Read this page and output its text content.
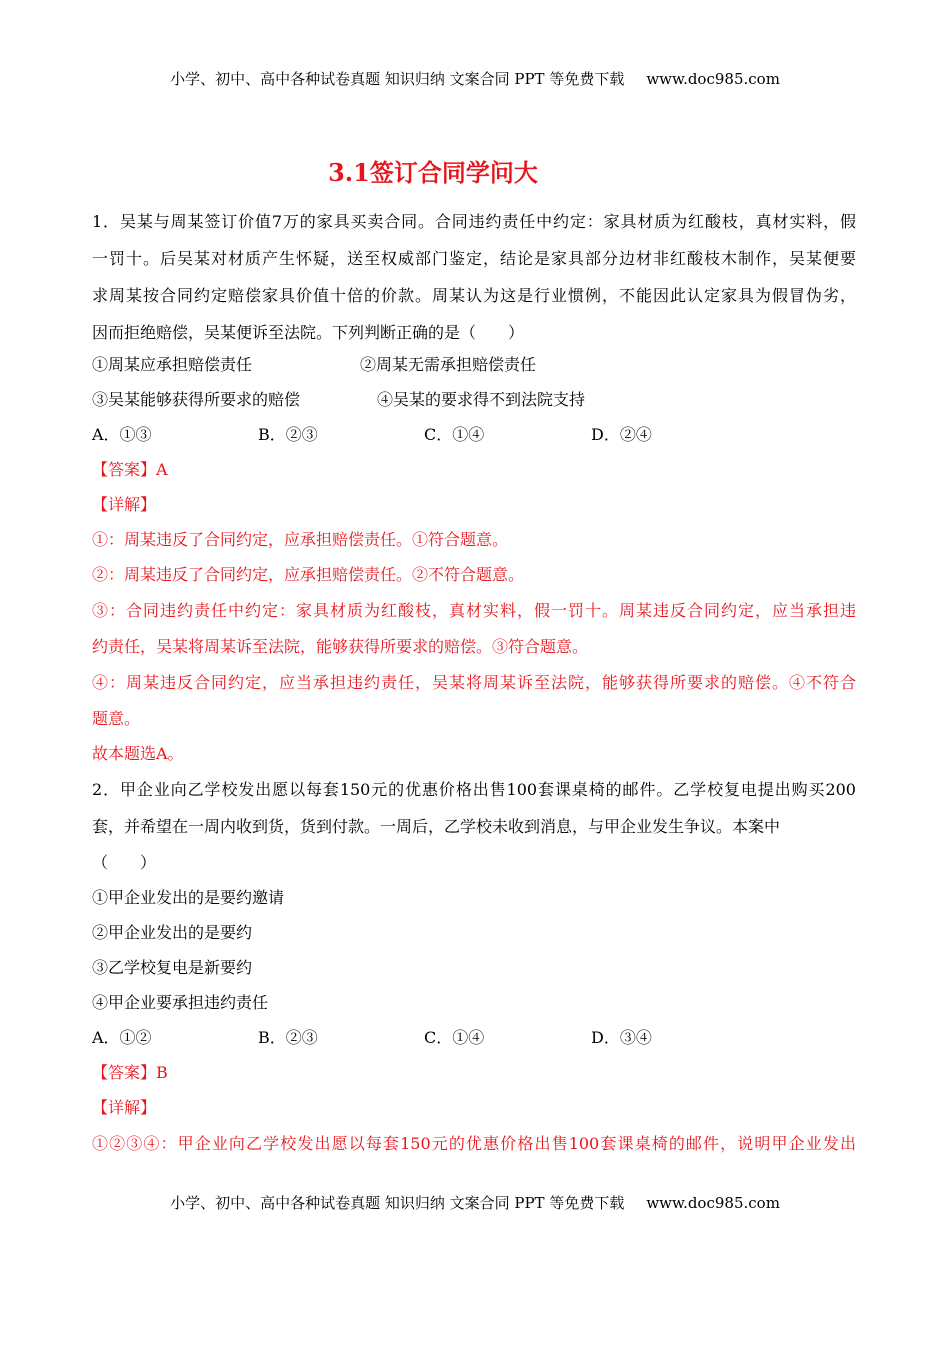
小学、初中、高中各种试卷真题 知识归纳 文案合同 PPT 等免费下载 www.doc985.com
3.1签订合同学问大
1．吴某与周某签订价值7万的家具买卖合同。合同违约责任中约定：家具材质为红酸枝，真材实料，假
一罚十。后吴某对材质产生怀疑，送至权威部门鉴定，结论是家具部分边材非红酸枝木制作，吴某便要
求周某按合同约定赔偿家具价值十倍的价款。周某认为这是行业惯例，不能因此认定家具为假冒伪劣，
因而拒绝赔偿，吴某便诉至法院。下列判断正确的是（　　）
①周某应承担赔偿责任	②周某无需承担赔偿责任
③吴某能够获得所要求的赔偿	④吴某的要求得不到法院支持
A．①③	B．②③	C．①④	D．②④
【答案】A
【详解】
①：周某违反了合同约定，应承担赔偿责任。①符合题意。
②：周某违反了合同约定，应承担赔偿责任。②不符合题意。
③：合同违约责任中约定：家具材质为红酸枝，真材实料，假一罚十。周某违反合同约定，应当承担违
约责任，吴某将周某诉至法院，能够获得所要求的赔偿。③符合题意。
④：周某违反合同约定，应当承担违约责任，吴某将周某诉至法院，能够获得所要求的赔偿。④不符合
题意。
故本题选A。
2．甲企业向乙学校发出愿以每套150元的优惠价格出售100套课桌椅的邮件。乙学校复电提出购买200
套，并希望在一周内收到货，货到付款。一周后，乙学校未收到消息，与甲企业发生争议。本案中
（　　）
①甲企业发出的是要约邀请
②甲企业发出的是要约
③乙学校复电是新要约
④甲企业要承担违约责任
A．①②	B．②③	C．①④	D．③④
【答案】B
【详解】
①②③④：甲企业向乙学校发出愿以每套150元的优惠价格出售100套课桌椅的邮件，说明甲企业发出
小学、初中、高中各种试卷真题 知识归纳 文案合同 PPT 等免费下载 www.doc985.com
